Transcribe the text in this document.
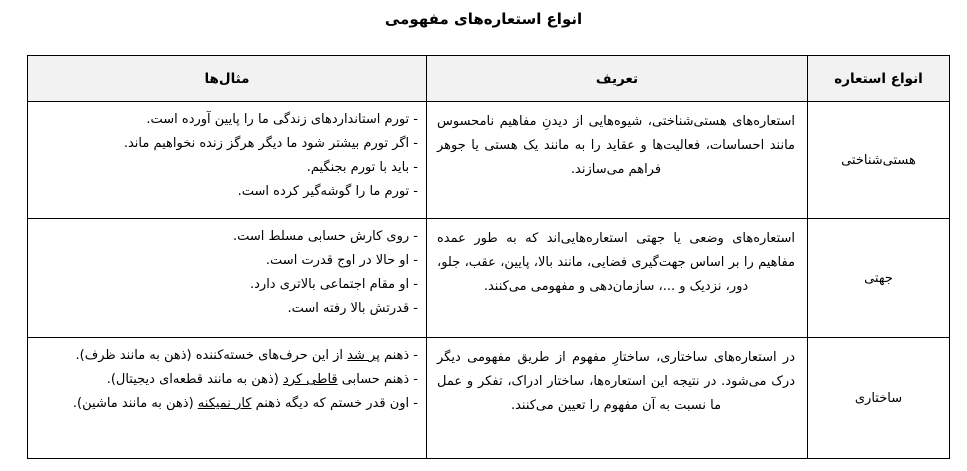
انواع استعاره‌های مفهومی
انواع استعاره	تعریف	مثال‌ها
هستی‌شناختی	استعاره‌های هستی‌شناختی، شیوه‌هایی از دیدنِ مفاهیم نامحسوس مانند احساسات، فعالیت‌ها و عقاید را به مانند یک هستی یا جوهر فراهم می‌سازند.	- تورم استانداردهای زندگی ما را پایین آورده است.
- اگر تورم بیشتر شود ما دیگر هرگز زنده نخواهیم ماند.
- باید با تورم بجنگیم.
- تورم ما را گوشه‌گیر کرده است.

جهتی	استعاره‌های وضعی یا جهتی استعاره‌هایی‌اند که به طور عمده مفاهیم را بر اساس جهت‌گیری فضایی، مانند بالا، پایین، عقب، جلو، دور، نزدیک و ...، سازمان‌دهی و مفهومی می‌کنند.	- روی کارش حسابی مسلط است.
- او حالا در اوج قدرت است.
- او مقام اجتماعی بالاتری دارد.
- قدرتش بالا رفته است.

ساختاری	در استعاره‌های ساختاری، ساختارِ مفهوم از طریق مفهومی دیگر درک می‌شود. در نتیجه این استعاره‌ها، ساختار ادراک، تفکر و عمل ما نسبت به آن مفهوم را تعیین می‌کنند.	- ذهنم پر شد از این حرف‌های خسته‌کننده (ذهن به مانند ظرف).
- ذهنم حسابی قاطی کرد (ذهن به مانند قطعه‌ای دیجیتال).
- اون قدر خستم که دیگه ذهنم کار نمیکنه (ذهن به مانند ماشین).
